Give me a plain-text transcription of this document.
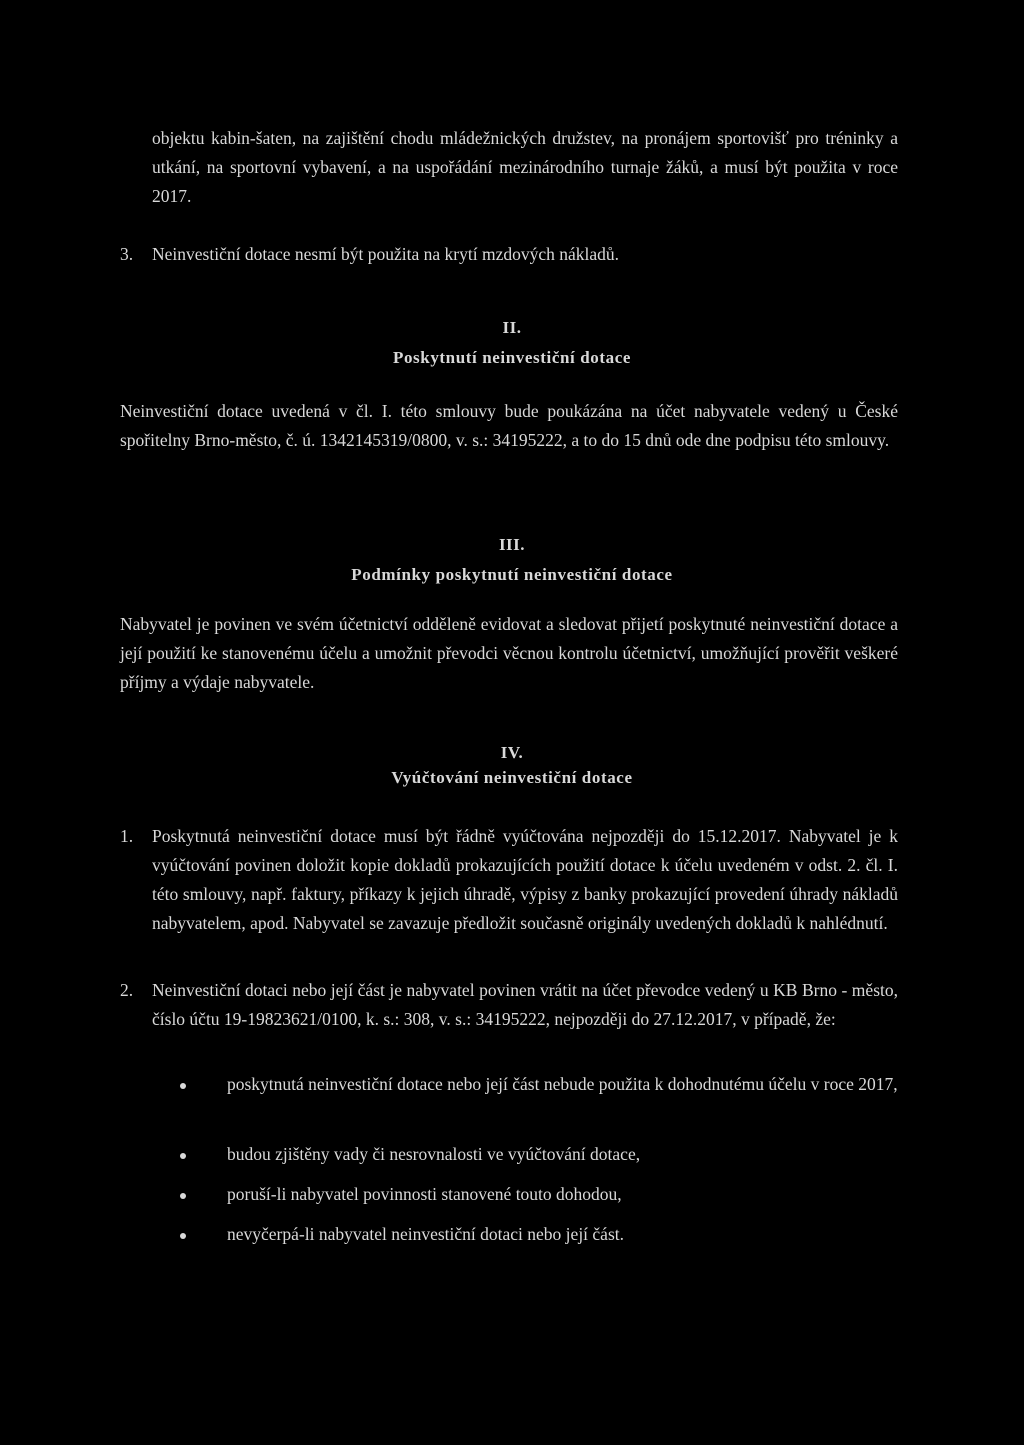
objektu kabin-šaten, na zajištění chodu mládežnických družstev, na pronájem sportovišť pro tréninky a utkání, na sportovní vybavení, a na uspořádání mezinárodního turnaje žáků, a musí být použita v roce 2017.
3. Neinvestiční dotace nesmí být použita na krytí mzdových nákladů.
II.
Poskytnutí neinvestiční dotace
Neinvestiční dotace uvedená v čl. I. této smlouvy bude poukázána na účet nabyvatele vedený u České spořitelny Brno-město, č. ú. 1342145319/0800, v. s.: 34195222, a to do 15 dnů ode dne podpisu této smlouvy.
III.
Podmínky poskytnutí neinvestiční dotace
Nabyvatel je povinen ve svém účetnictví odděleně evidovat a sledovat přijetí poskytnuté neinvestiční dotace a její použití ke stanovenému účelu a umožnit převodci věcnou kontrolu účetnictví, umožňující prověřit veškeré příjmy a výdaje nabyvatele.
IV.
Vyúčtování neinvestiční dotace
1. Poskytnutá neinvestiční dotace musí být řádně vyúčtována nejpozději do 15.12.2017. Nabyvatel je k vyúčtování povinen doložit kopie dokladů prokazujících použití dotace k účelu uvedeném v odst. 2. čl. I. této smlouvy, např. faktury, příkazy k jejich úhradě, výpisy z banky prokazující provedení úhrady nákladů nabyvatelem, apod. Nabyvatel se zavazuje předložit současně originály uvedených dokladů k nahlédnutí.
2. Neinvestiční dotaci nebo její část je nabyvatel povinen vrátit na účet převodce vedený u KB Brno - město, číslo účtu 19-19823621/0100, k. s.: 308, v. s.: 34195222, nejpozději do 27.12.2017, v případě, že:
poskytnutá neinvestiční dotace nebo její část nebude použita k dohodnutému účelu v roce 2017,
budou zjištěny vady či nesrovnalosti ve vyúčtování dotace,
poruší-li nabyvatel povinnosti stanovené touto dohodou,
nevyčerpá-li nabyvatel neinvestiční dotaci nebo její část.
